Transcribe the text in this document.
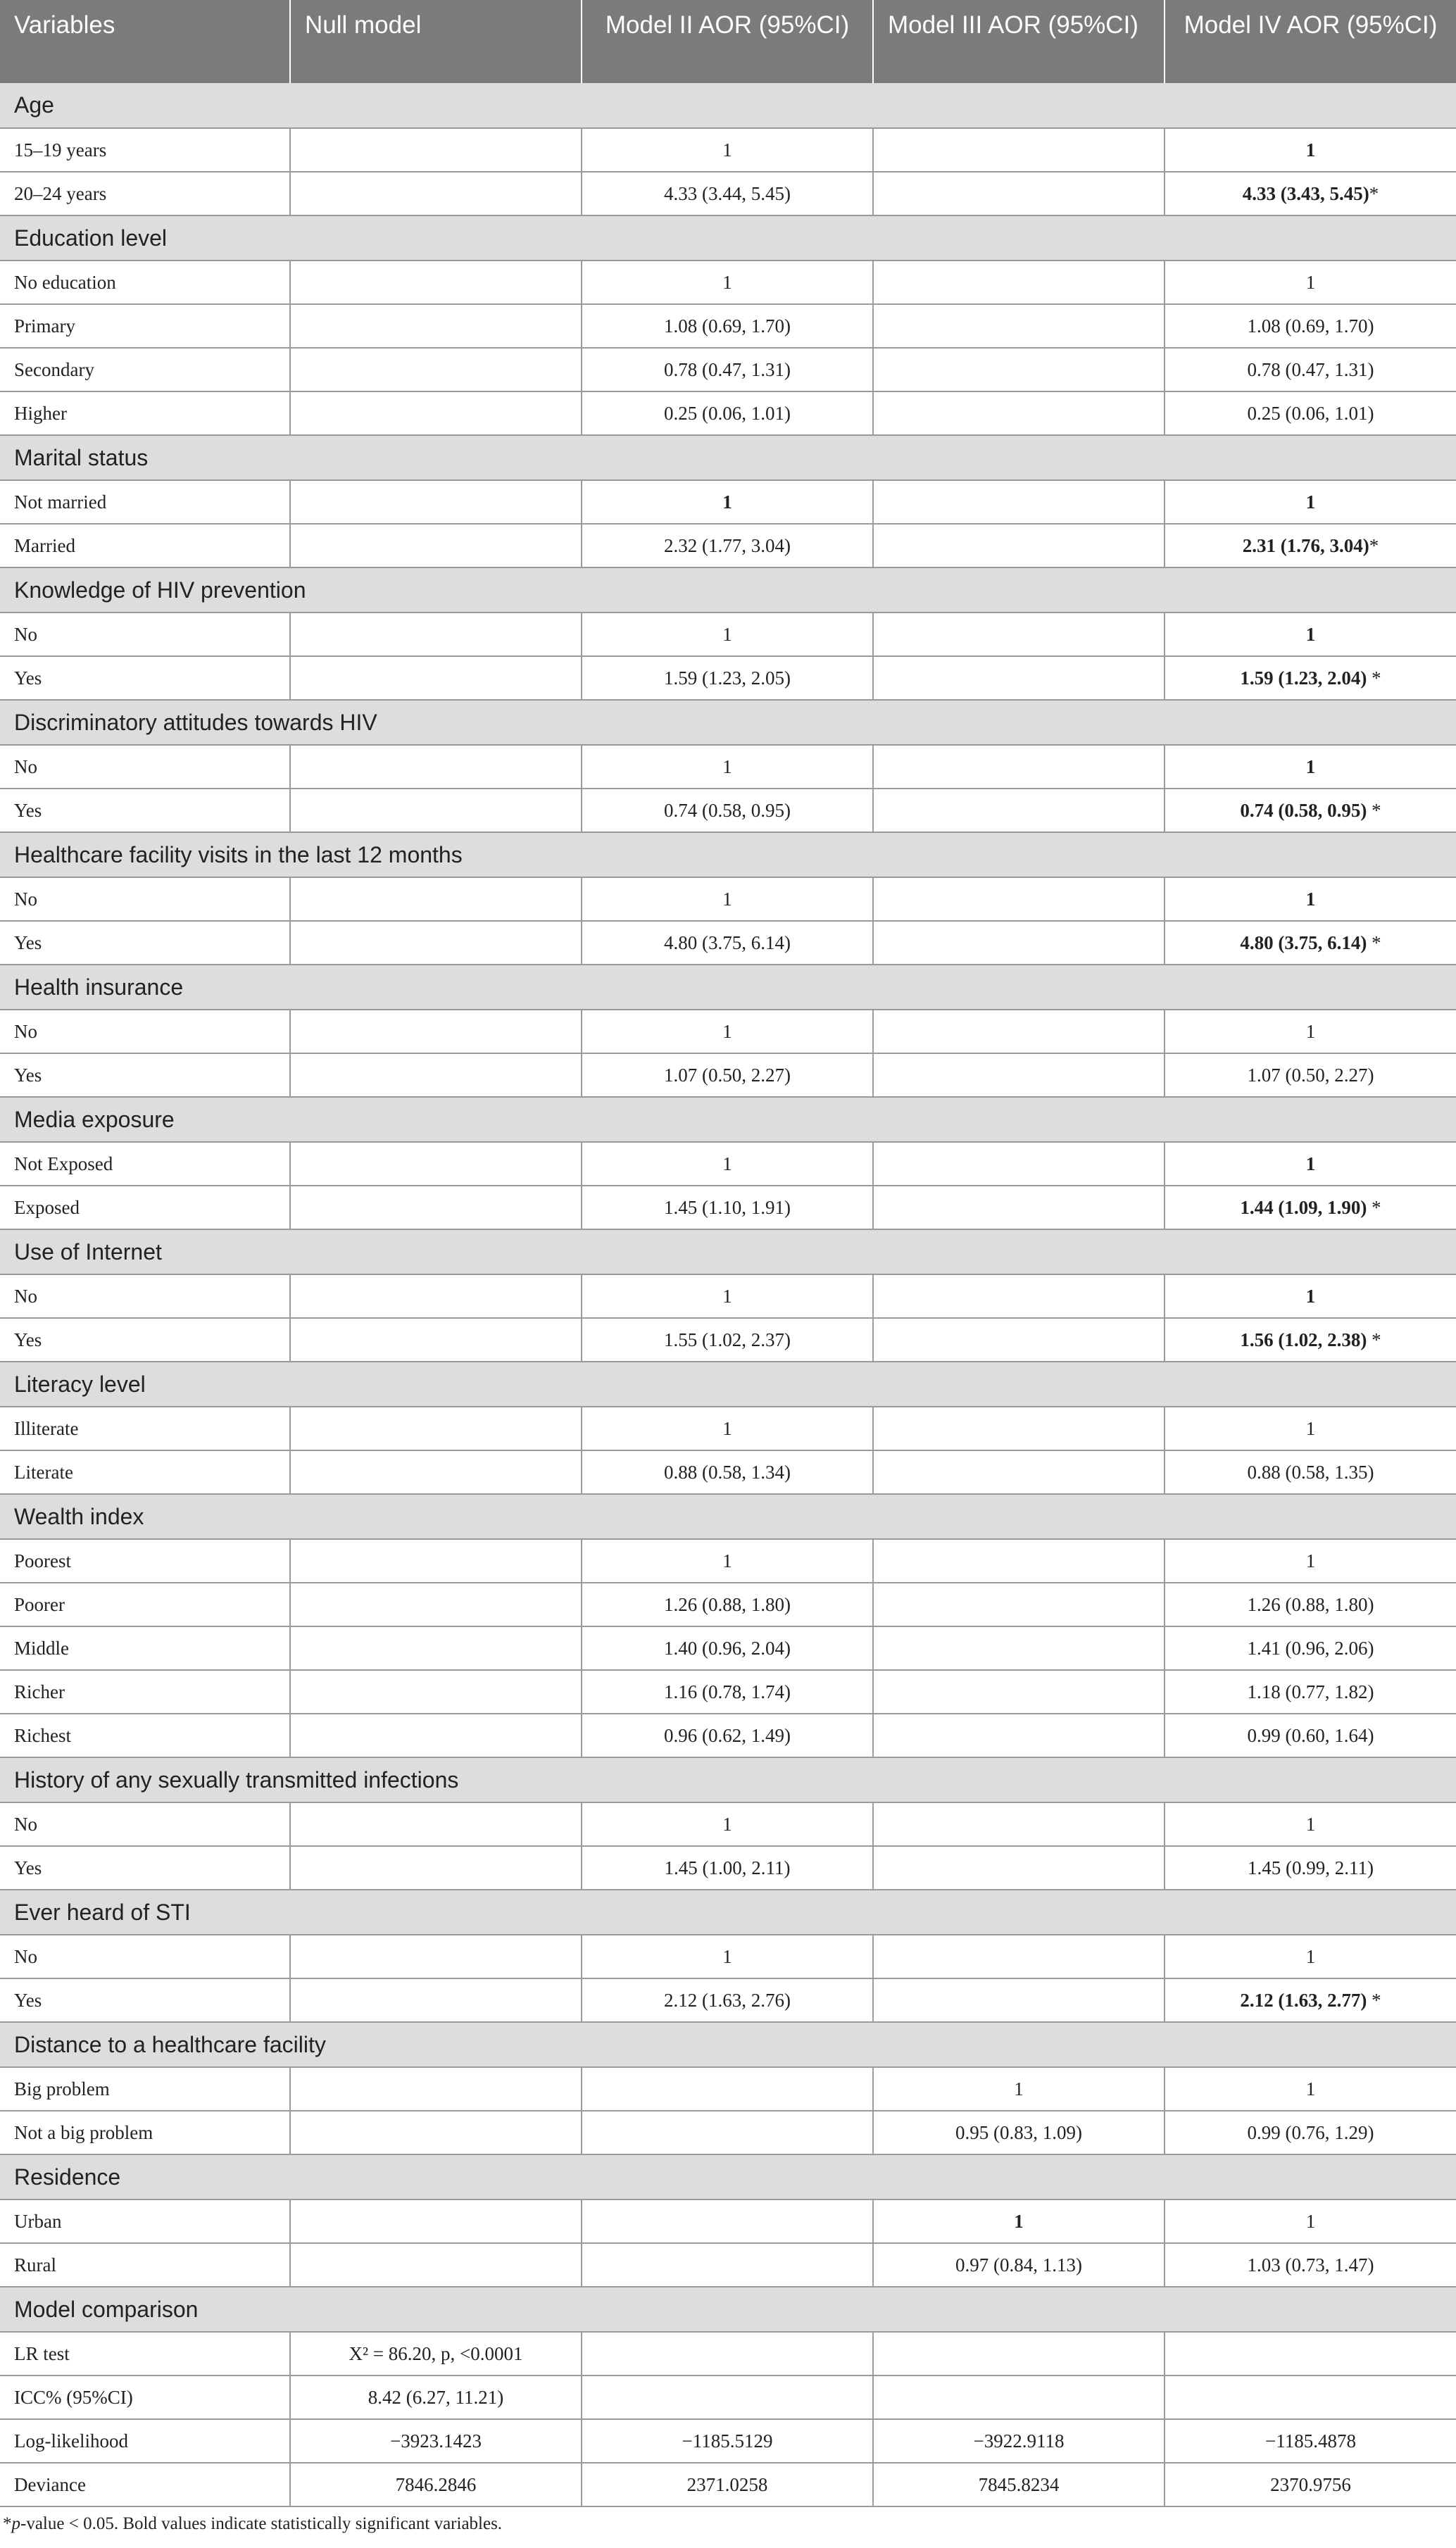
Variables	Null model	Model II AOR (95%CI)	Model III AOR (95%CI)	Model IV AOR (95%CI)
Age				
15–19 years		1		1
20–24 years		4.33 (3.44, 5.45)		4.33 (3.43, 5.45)*
Education level				
No education		1		1
Primary		1.08 (0.69, 1.70)		1.08 (0.69, 1.70)
Secondary		0.78 (0.47, 1.31)		0.78 (0.47, 1.31)
Higher		0.25 (0.06, 1.01)		0.25 (0.06, 1.01)
Marital status				
Not married		1		1
Married		2.32 (1.77, 3.04)		2.31 (1.76, 3.04)*
Knowledge of HIV prevention				
No		1		1
Yes		1.59 (1.23, 2.05)		1.59 (1.23, 2.04) *
Discriminatory attitudes towards HIV				
No		1		1
Yes		0.74 (0.58, 0.95)		0.74 (0.58, 0.95) *
Healthcare facility visits in the last 12 months				
No		1		1
Yes		4.80 (3.75, 6.14)		4.80 (3.75, 6.14) *
Health insurance				
No		1		1
Yes		1.07 (0.50, 2.27)		1.07 (0.50, 2.27)
Media exposure				
Not Exposed		1		1
Exposed		1.45 (1.10, 1.91)		1.44 (1.09, 1.90) *
Use of Internet				
No		1		1
Yes		1.55 (1.02, 2.37)		1.56 (1.02, 2.38) *
Literacy level				
Illiterate		1		1
Literate		0.88 (0.58, 1.34)		0.88 (0.58, 1.35)
Wealth index				
Poorest		1		1
Poorer		1.26 (0.88, 1.80)		1.26 (0.88, 1.80)
Middle		1.40 (0.96, 2.04)		1.41 (0.96, 2.06)
Richer		1.16 (0.78, 1.74)		1.18 (0.77, 1.82)
Richest		0.96 (0.62, 1.49)		0.99 (0.60, 1.64)
History of any sexually transmitted infections				
No		1		1
Yes		1.45 (1.00, 2.11)		1.45 (0.99, 2.11)
Ever heard of STI				
No		1		1
Yes		2.12 (1.63, 2.76)		2.12 (1.63, 2.77) *
Distance to a healthcare facility				
Big problem			1	1
Not a big problem			0.95 (0.83, 1.09)	0.99 (0.76, 1.29)
Residence				
Urban			1	1
Rural			0.97 (0.84, 1.13)	1.03 (0.73, 1.47)
Model comparison				
LR test	X² = 86.20, p, <0.0001			
ICC% (95%CI)	8.42 (6.27, 11.21)			
Log-likelihood	−3923.1423	−1185.5129	−3922.9118	−1185.4878
Deviance	7846.2846	2371.0258	7845.8234	2370.9756
*p-value < 0.05. Bold values indicate statistically significant variables.
